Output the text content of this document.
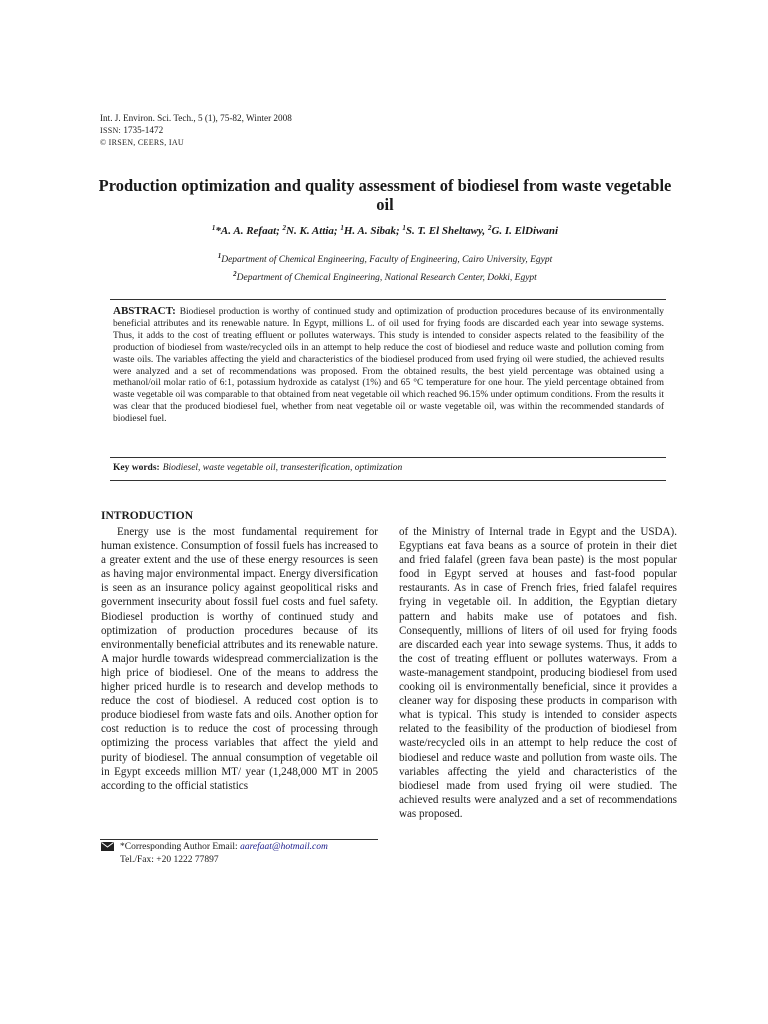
Int. J. Environ. Sci. Tech., 5 (1), 75-82, Winter 2008
ISSN: 1735-1472
© IRSEN, CEERS, IAU
Production optimization and quality assessment of biodiesel from waste vegetable oil
$^1$*A. A. Refaat; $^2$N. K. Attia; $^1$H. A. Sibak; $^1$S. T. El Sheltawy, $^2$G. I. ElDiwani
$^1$Department of Chemical Engineering, Faculty of Engineering, Cairo University, Egypt
$^2$Department of Chemical Engineering, National Research Center, Dokki, Egypt
ABSTRACT: Biodiesel production is worthy of continued study and optimization of production procedures because of its environmentally beneficial attributes and its renewable nature. In Egypt, millions L. of oil used for frying foods are discarded each year into sewage systems. Thus, it adds to the cost of treating effluent or pollutes waterways. This study is intended to consider aspects related to the feasibility of the production of biodiesel from waste/recycled oils in an attempt to help reduce the cost of biodiesel and reduce waste and pollution coming from waste oils. The variables affecting the yield and characteristics of the biodiesel produced from used frying oil were studied, the achieved results were analyzed and a set of recommendations was proposed. From the obtained results, the best yield percentage was obtained using a methanol/oil molar ratio of 6:1, potassium hydroxide as catalyst (1%) and 65 °C temperature for one hour. The yield percentage obtained from waste vegetable oil was comparable to that obtained from neat vegetable oil which reached 96.15% under optimum conditions. From the results it was clear that the produced biodiesel fuel, whether from neat vegetable oil or waste vegetable oil, was within the recommended standards of biodiesel fuel.
Key words: Biodiesel, waste vegetable oil, transesterification, optimization
INTRODUCTION
Energy use is the most fundamental requirement for human existence. Consumption of fossil fuels has increased to a greater extent and the use of these energy resources is seen as having major environmental impact. Energy diversification is seen as an insurance policy against geopolitical risks and government insecurity about fossil fuel costs and fuel safety. Biodiesel production is worthy of continued study and optimization of production procedures because of its environmentally beneficial attributes and its renewable nature. A major hurdle towards widespread commercialization is the high price of biodiesel. One of the means to address the higher priced hurdle is to research and develop methods to reduce the cost of biodiesel. A reduced cost option is to produce biodiesel from waste fats and oils. Another option for cost reduction is to reduce the cost of processing through optimizing the process variables that affect the yield and purity of biodiesel. The annual consumption of vegetable oil in Egypt exceeds million MT/ year (1,248,000 MT in 2005 according to the official statistics
of the Ministry of Internal trade in Egypt and the USDA). Egyptians eat fava beans as a source of protein in their diet and fried falafel (green fava bean paste) is the most popular food in Egypt served at houses and fast-food popular restaurants. As in case of French fries, fried falafel requires frying in vegetable oil. In addition, the Egyptian dietary pattern and habits make use of potatoes and fish. Consequently, millions of liters of oil used for frying foods are discarded each year into sewage systems. Thus, it adds to the cost of treating effluent or pollutes waterways. From a waste-management standpoint, producing biodiesel from used cooking oil is environmentally beneficial, since it provides a cleaner way for disposing these products in comparison with what is typical. This study is intended to consider aspects related to the feasibility of the production of biodiesel from waste/recycled oils in an attempt to help reduce the cost of biodiesel and reduce waste and pollution from waste oils. The variables affecting the yield and characteristics of the biodiesel made from used frying oil were studied. The achieved results were analyzed and a set of recommendations was proposed.
*Corresponding Author Email: aarefaat@hotmail.com
Tel./Fax: +20 1222 77897
